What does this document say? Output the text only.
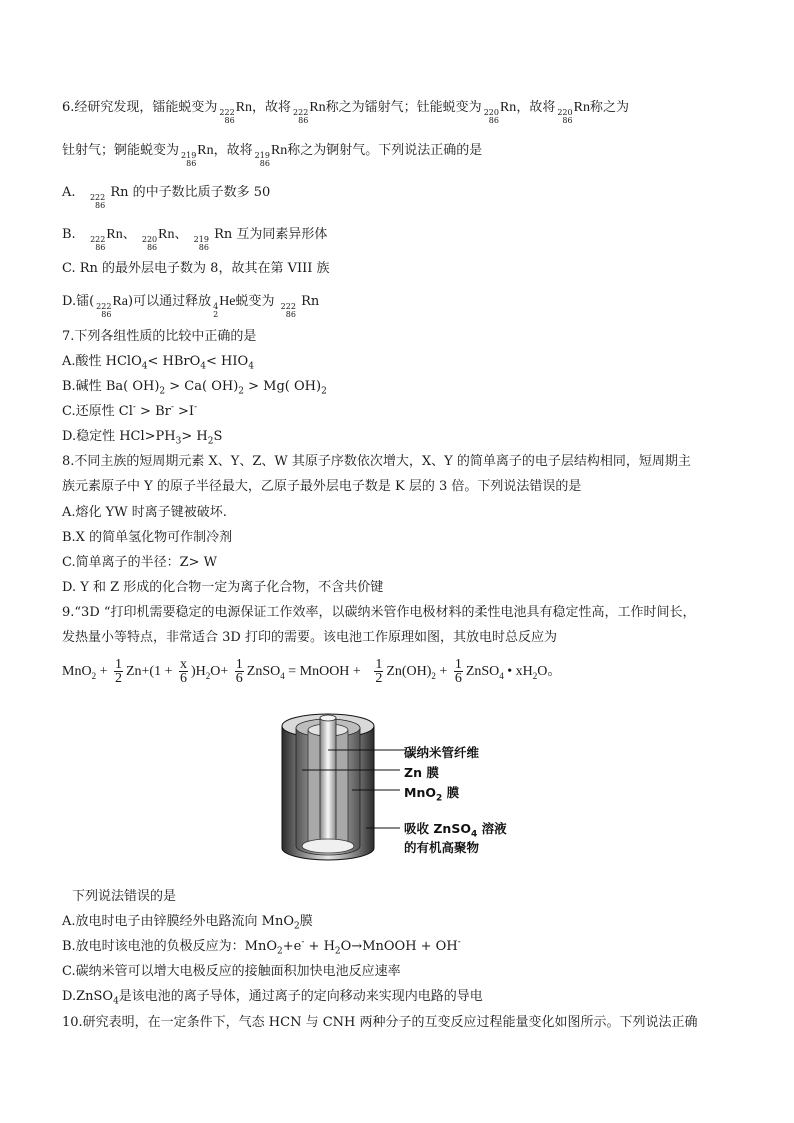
6.经研究发现，镭能蜕变为 222
86
Rn，故将 222
86
Rn称之为镭射气；钍能蜕变为 220
86
Rn，故将 220
86
Rn称之为
钍射气；锕能蜕变为 219
86
Rn，故将 219
86
Rn称之为锕射气。下列说法正确的是
A. 222
86
Rn 的中子数比质子数多 50
B. 222
86
Rn、 220
86
Rn、 219
86
Rn 互为同素异形体
C. Rn 的最外层电子数为 8，故其在第 VIII 族
D.镭( 222
86
Ra)可以通过释放 4
2
He蜕变为 222
86
Rn
7.下列各组性质的比较中正确的是
A.酸性 HClO$_4$< HBrO$_4$< $HIO_4$
B.碱性 Ba( $OH)_2 > Ca$( $OH)_2 > Mg$( $OH)_2$
C.还原性 Cl- > Br- >I-
D.稳定性 $HCl>PH_3> H_2S$
8.不同主族的短周期元素 X、Y、Z、W 其原子序数依次增大，X、Y 的简单离子的电子层结构相同，短周期主
族元素原子中 Y 的原子半径最大，乙原子最外层电子数是 K 层的 3 倍。下列说法错误的是
A.熔化 YW 时离子键被破坏.
B.X 的简单氢化物可作制冷剂
C.简单离子的半径：Z> W
D. Y 和 Z 形成的化合物一定为离子化合物，不含共价键
9.“3D “打印机需要稳定的电源保证工作效率，以碳纳米管作电极材料的柔性电池具有稳定性高，工作时间长，
发热量小等特点，非常适合 3D 打印的需要。该电池工作原理如图，其放电时总反应为
$MnO_2 + \frac{1}{2} Zn+(1 + \frac{x}{6} )H_2O+ \frac{1}{6}$ ZnSO$_4$ = MnOOH + $\frac{1}{2} Zn(OH)_2 + \frac{1}{6}$ ZnSO$_4$ • $xH_2O$。
碳纳米管纤维
Zn 膜
MnO$_2$ 膜
吸收 ZnSO$_4$ 溶液
的有机高聚物
下列说法错误的是
A.放电时电子由锌膜经外电路流向 MnO$_2$膜
B.放电时该电池的负极反应为：$MnO_2+e^- + H_2O\to MnOOH + OH^-$
C.碳纳米管可以增大电极反应的接触面积加快电池反应速率
D.ZnSO$_4$是该电池的离子导体，通过离子的定向移动来实现内电路的导电
10.研究表明，在一定条件下，气态 HCN 与 CNH 两种分子的互变反应过程能量变化如图所示。下列说法正确
